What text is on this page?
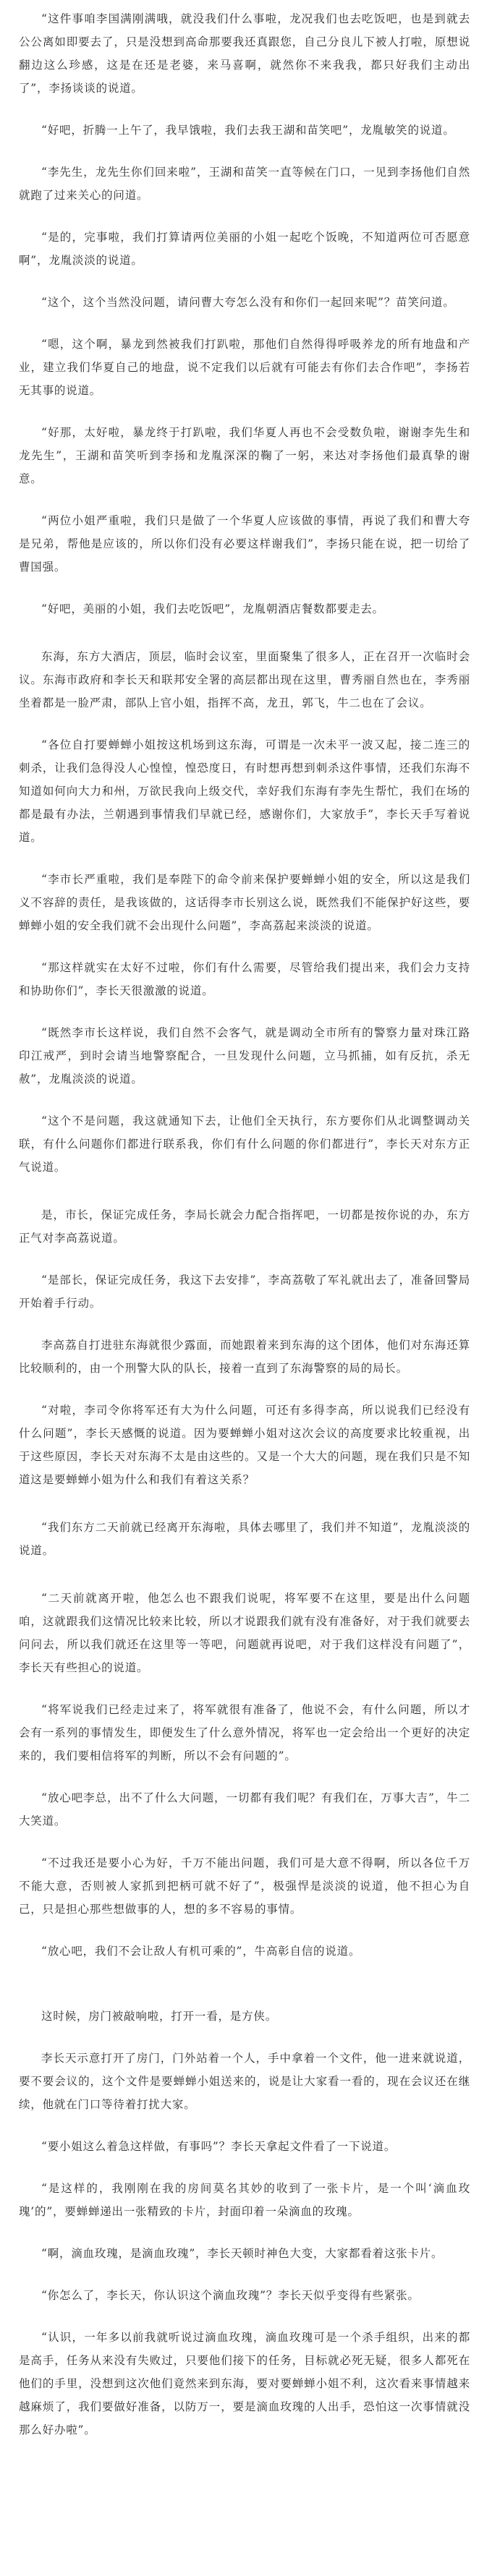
“这件事咱李国满刚满哦，就没我们什么事啦，龙况我们也去吃饭吧，也是到就去公公离如即要去了，只是没想到高命那要我还真跟您，自己分良儿下被人打啦，原想说翻边这么珍感，这是在还是老婆，来马喜啊，就然你不来我我，都只好我们主动出了”，李扬谈谈的说道。

“好吧，折腾一上午了，我早饿啦，我们去我王湖和苗笑吧”，龙胤敏笑的说道。

“李先生，龙先生你们回来啦”，王湖和苗笑一直等候在门口，一见到李扬他们自然就跑了过来关心的问道。

“是的，完事啦，我们打算请两位美丽的小姐一起吃个饭晚，不知道两位可否愿意啊”，龙胤淡淡的说道。

“这个，这个当然没问题，请问曹大夸怎么没有和你们一起回来呢”？苗笑问道。

“嗯，这个啊，暴龙到然被我们打趴啦，那他们自然得得呼吸养龙的所有地盘和产业，建立我们华夏自己的地盘，说不定我们以后就有可能去有你们去合作吧”，李扬若无其事的说道。

“好那，太好啦，暴龙终于打趴啦，我们华夏人再也不会受数负啦，谢谢李先生和龙先生”，王湖和苗笑听到李扬和龙胤深深的鞠了一躬，来达对李扬他们最真挚的谢意。

“两位小姐严重啦，我们只是做了一个华夏人应该做的事情，再说了我们和曹大夸是兄弟，帮他是应该的，所以你们没有必要这样谢我们”，李扬只能在说，把一切给了曹国强。

“好吧，美丽的小姐，我们去吃饭吧”，龙胤朝酒店餐数都要走去。

东海，东方大酒店，顶层，临时会议室，里面聚集了很多人，正在召开一次临时会议。东海市政府和李长天和联邦安全署的高层都出现在这里，曹秀丽自然也在，李秀丽坐着都是一脸严肃，部队上官小姐，指挥不高，龙丑，郭飞，牛二也在了会议。

“各位自打要蝉蝉小姐按这机场到这东海，可谓是一次未平一波又起，接二连三的刺杀，让我们急得没人心惶惶，惶恐度日，有时想再想到刺杀这件事情，还我们东海不知道如何向大力和州，万欲民我向上级交代，幸好我们东海有李先生帮忙，我们在场的都是最有办法，兰朝遇到事情我们早就已经，感谢你们，大家放手”，李长天手写着说道。

“李市长严重啦，我们是奉陛下的命令前来保护要蝉蝉小姐的安全，所以这是我们义不容辞的责任，是我该做的，这话得李市长别这么说，既然我们不能保护好这些，要蝉蝉小姐的安全我们就不会出现什么问题”，李高荔起来淡淡的说道。

“那这样就实在太好不过啦，你们有什么需要，尽管给我们提出来，我们会力支持和协助你们”，李长天很激激的说道。

“既然李市长这样说，我们自然不会客气，就是调动全市所有的警察力量对珠江路印江戒严，到时会请当地警察配合，一旦发现什么问题，立马抓捕，如有反抗，杀无赦”，龙胤淡淡的说道。

“这个不是问题，我这就通知下去，让他们全天执行，东方要你们从北调整调动关联，有什么问题你们都进行联系我，你们有什么问题的你们都进行”，李长天对东方正气说道。

是，市长，保证完成任务，李局长就会力配合指挥吧，一切都是按你说的办，东方正气对李高荔说道。

“是部长，保证完成任务，我这下去安排”，李高荔敬了军礼就出去了，准备回警局开始着手行动。

李高荔自打进驻东海就很少露面，而她跟着来到东海的这个团体，他们对东海还算比较顺利的，由一个刑警大队的队长，接着一直到了东海警察的局的局长。

“对啦，李司令你将军还有大为什么问题，可还有多得李高，所以说我们已经没有什么问题”，李长天感慨的说道。因为要蝉蝉小姐对这次会议的高度要求比较重视，出于这些原因，李长天对东海不太是由这些的。又是一个大大的问题，现在我们只是不知道这是要蝉蝉小姐为什么和我们有着这关系？

“我们东方二天前就已经离开东海啦，具体去哪里了，我们并不知道”，龙胤淡淡的说道。

“二天前就离开啦，他怎么也不跟我们说呢，将军要不在这里，要是出什么问题咱，这就跟我们这情况比较来比较，所以才说跟我们就有没有准备好，对于我们就要去问问去，所以我们就还在这里等一等吧，问题就再说吧，对于我们这样没有问题了”，李长天有些担心的说道。

“将军说我们已经走过来了，将军就很有准备了，他说不会，有什么问题，所以才会有一系列的事情发生，即便发生了什么意外情况，将军也一定会给出一个更好的决定来的，我们要相信将军的判断，所以不会有问题的”。

“放心吧李总，出不了什么大问题，一切都有我们呢？有我们在，万事大吉”，牛二大笑道。

“不过我还是要小心为好，千万不能出问题，我们可是大意不得啊，所以各位千万不能大意，否则被人家抓到把柄可就不好了”，极强悍是淡淡的说道，他不担心为自己，只是担心那些想做事的人，想的多不容易的事情。

“放心吧，我们不会让敌人有机可乘的”，牛高彰自信的说道。

这时候，房门被敲响啦，打开一看，是方侠。

李长天示意打开了房门，门外站着一个人，手中拿着一个文件，他一进来就说道，要不要会议的，这个文件是要蝉蝉小姐送来的，说是让大家看一看的，现在会议还在继续，他就在门口等待着打扰大家。

“要小姐这么着急这样做，有事吗”？李长天拿起文件看了一下说道。

“是这样的，我刚刚在我的房间莫名其妙的收到了一张卡片，是一个叫‘滴血玫瑰’的”，要蝉蝉递出一张精致的卡片，封面印着一朵滴血的玫瑰。

“啊，滴血玫瑰，是滴血玫瑰”，李长天顿时神色大变，大家都看着这张卡片。

“你怎么了，李长天，你认识这个滴血玫瑰”？李长天似乎变得有些紧张。

“认识，一年多以前我就听说过滴血玫瑰，滴血玫瑰可是一个杀手组织，出来的都是高手，任务从来没有失败过，只要他们接下的任务，目标就必死无疑，很多人都死在他们的手里，没想到这次他们竟然来到东海，要对要蝉蝉小姐不利，这次看来事情越来越麻烦了，我们要做好准备，以防万一，要是滴血玫瑰的人出手，恐怕这一次事情就没那么好办啦”。
